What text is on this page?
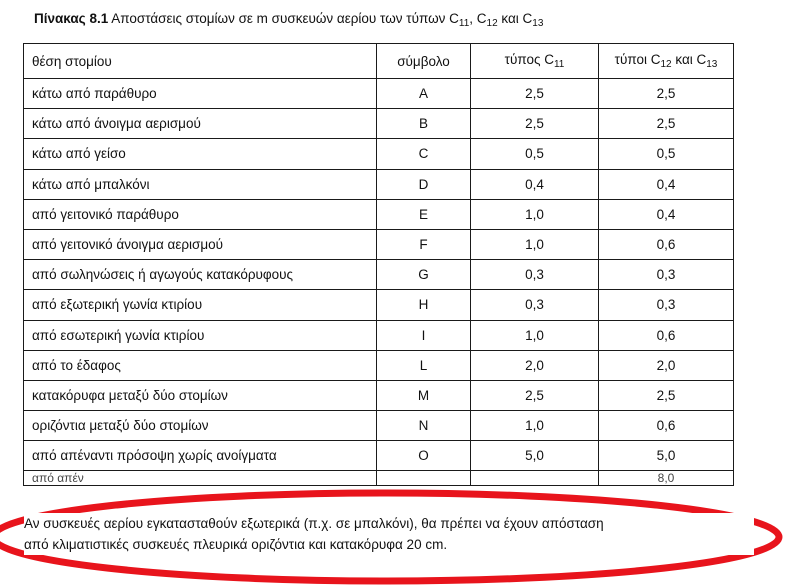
Πίνακας 8.1 Αποστάσεις στομίων σε m συσκευών αερίου των τύπων $C_{11}$, $C_{12}$ και $C_{13}$
θέση στομίου	σύμβολο	τύπος $C_{11}$	τύποι $C_{12}$ και $C_{13}$
κάτω από παράθυρο	A	2,5	2,5
κάτω από άνοιγμα αερισμού	B	2,5	2,5
κάτω από γείσο	C	0,5	0,5
κάτω από μπαλκόνι	D	0,4	0,4
από γειτονικό παράθυρο	E	1,0	0,4
από γειτονικό άνοιγμα αερισμού	F	1,0	0,6
από σωληνώσεις ή αγωγούς κατακόρυφους	G	0,3	0,3
από εξωτερική γωνία κτιρίου	H	0,3	0,3
από εσωτερική γωνία κτιρίου	I	1,0	0,6
από το έδαφος	L	2,0	2,0
κατακόρυφα μεταξύ δύο στομίων	M	2,5	2,5
οριζόντια μεταξύ δύο στομίων	N	1,0	0,6
από απέναντι πρόσοψη χωρίς ανοίγματα	O	5,0	5,0
από απέν			8,0
Αν συσκευές αερίου εγκατασταθούν εξωτερικά (π.χ. σε μπαλκόνι), θα πρέπει να έχουν απόσταση
από κλιματιστικές συσκευές πλευρικά οριζόντια και κατακόρυφα 20 cm.
